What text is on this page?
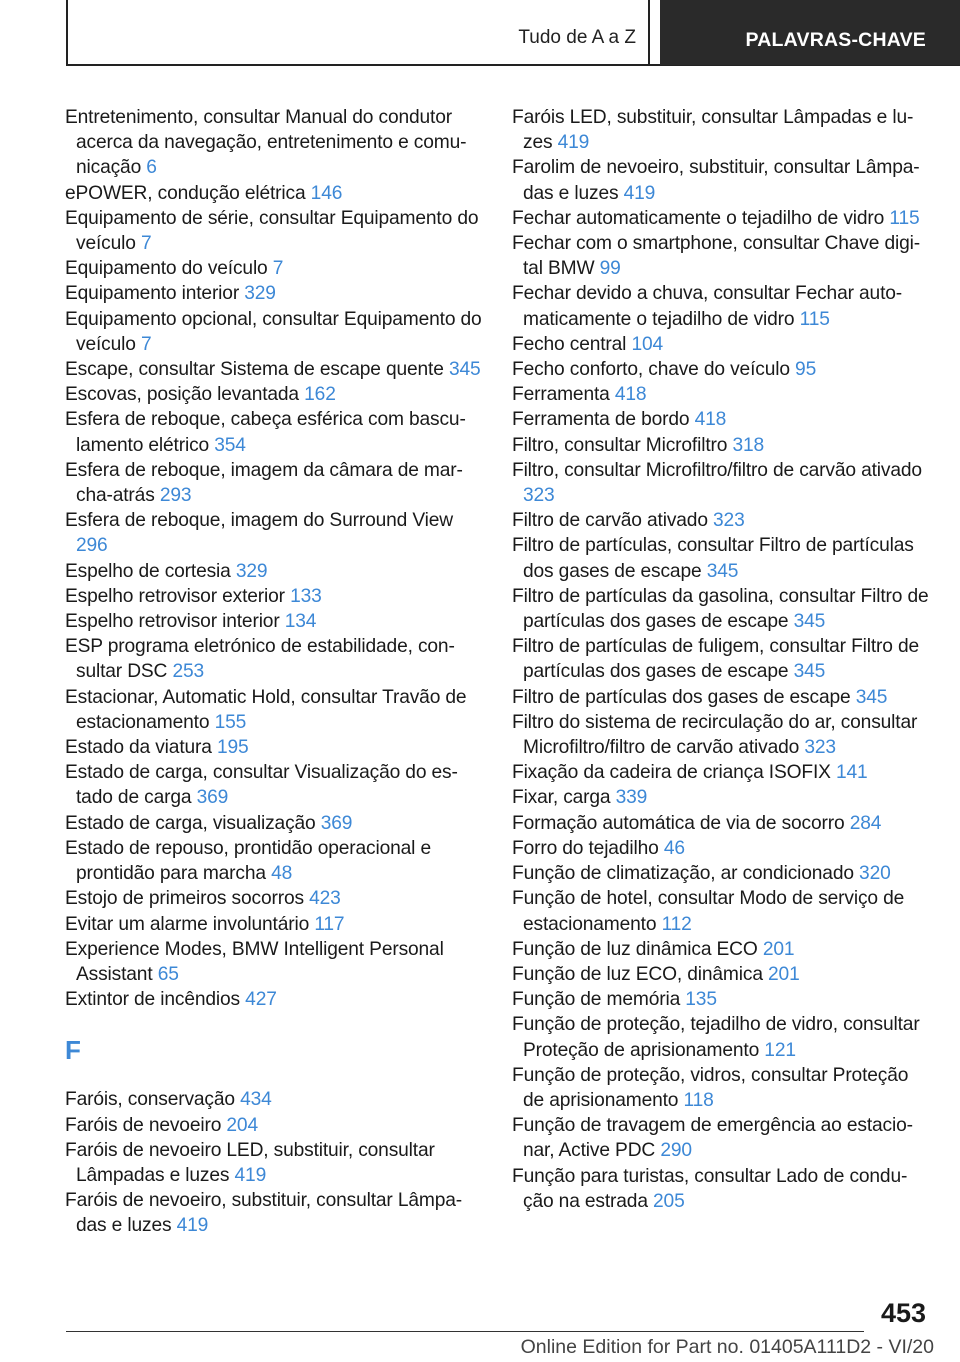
Tudo de A a Z	PALAVRAS-CHAVE

Entretenimento, consultar Manual do condutor acerca da navegação, entretenimento e comunicação 6

ePOWER, condução elétrica 146

Equipamento de série, consultar Equipamento do veículo 7

Equipamento do veículo 7

Equipamento interior 329

Equipamento opcional, consultar Equipamento do veículo 7

Escape, consultar Sistema de escape quente 345

Escovas, posição levantada 162

Esfera de reboque, cabeça esférica com basculamento elétrico 354

Esfera de reboque, imagem da câmara de marcha-atrás 293

Esfera de reboque, imagem do Surround View 296

Espelho de cortesia 329

Espelho retrovisor exterior 133

Espelho retrovisor interior 134

ESP programa eletrónico de estabilidade, consultar DSC 253

Estacionar, Automatic Hold, consultar Travão de estacionamento 155

Estado da viatura 195

Estado de carga, consultar Visualização do estado de carga 369

Estado de carga, visualização 369

Estado de repouso, prontidão operacional e prontidão para marcha 48

Estojo de primeiros socorros 423

Evitar um alarme involuntário 117

Experience Modes, BMW Intelligent Personal Assistant 65

Extintor de incêndios 427

F

Faróis, conservação 434

Faróis de nevoeiro 204

Faróis de nevoeiro LED, substituir, consultar Lâmpadas e luzes 419

Faróis de nevoeiro, substituir, consultar Lâmpadas e luzes 419

Faróis LED, substituir, consultar Lâmpadas e luzes 419

Farolim de nevoeiro, substituir, consultar Lâmpadas e luzes 419

Fechar automaticamente o tejadilho de vidro 115

Fechar com o smartphone, consultar Chave digital BMW 99

Fechar devido a chuva, consultar Fechar automaticamente o tejadilho de vidro 115

Fecho central 104

Fecho conforto, chave do veículo 95

Ferramenta 418

Ferramenta de bordo 418

Filtro, consultar Microfiltro 318

Filtro, consultar Microfiltro/filtro de carvão ativado 323

Filtro de carvão ativado 323

Filtro de partículas, consultar Filtro de partículas dos gases de escape 345

Filtro de partículas da gasolina, consultar Filtro de partículas dos gases de escape 345

Filtro de partículas de fuligem, consultar Filtro de partículas dos gases de escape 345

Filtro de partículas dos gases de escape 345

Filtro do sistema de recirculação do ar, consultar Microfiltro/filtro de carvão ativado 323

Fixação da cadeira de criança ISOFIX 141

Fixar, carga 339

Formação automática de via de socorro 284

Forro do tejadilho 46

Função de climatização, ar condicionado 320

Função de hotel, consultar Modo de serviço de estacionamento 112

Função de luz dinâmica ECO 201

Função de luz ECO, dinâmica 201

Função de memória 135

Função de proteção, tejadilho de vidro, consultar Proteção de aprisionamento 121

Função de proteção, vidros, consultar Proteção de aprisionamento 118

Função de travagem de emergência ao estacionar, Active PDC 290

Função para turistas, consultar Lado de condução na estrada 205

453
Online Edition for Part no. 01405A111D2 - VI/20
